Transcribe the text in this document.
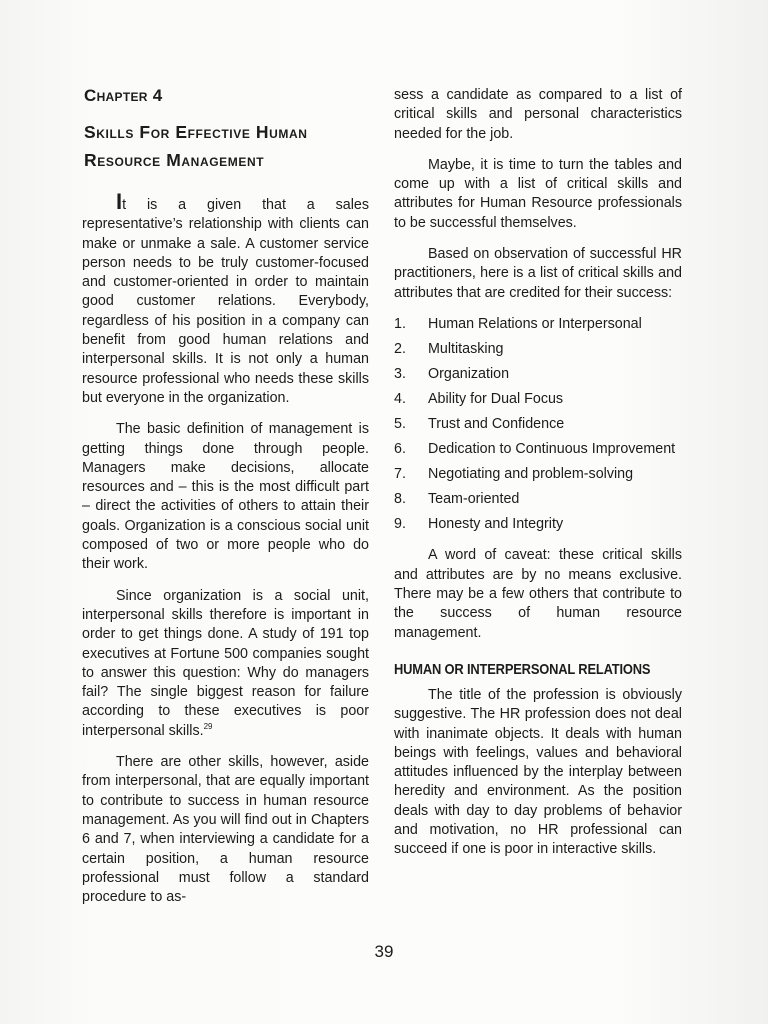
Chapter 4
Skills For Effective Human Resource Management

It is a given that a sales representative’s relationship with clients can make or unmake a sale. A customer service person needs to be truly customer-focused and customer-oriented in order to maintain good customer relations. Everybody, regardless of his position in a company can benefit from good human relations and interpersonal skills. It is not only a human resource professional who needs these skills but everyone in the organization.

The basic definition of management is getting things done through people. Managers make decisions, allocate resources and – this is the most difficult part – direct the activities of others to attain their goals. Organization is a conscious social unit composed of two or more people who do their work.

Since organization is a social unit, interpersonal skills therefore is important in order to get things done. A study of 191 top executives at Fortune 500 companies sought to answer this question: Why do managers fail? The single biggest reason for failure according to these executives is poor interpersonal skills.$^{29}$

There are other skills, however, aside from interpersonal, that are equally important to contribute to success in human resource management. As you will find out in Chapters 6 and 7, when interviewing a candidate for a certain position, a human resource professional must follow a standard procedure to as-

sess a candidate as compared to a list of critical skills and personal characteristics needed for the job.

Maybe, it is time to turn the tables and come up with a list of critical skills and attributes for Human Resource professionals to be successful themselves.

Based on observation of successful HR practitioners, here is a list of critical skills and attributes that are credited for their success:

1.	Human Relations or Interpersonal
2.	Multitasking
3.	Organization
4.	Ability for Dual Focus
5.	Trust and Confidence
6.	Dedication to Continuous Improvement
7.	Negotiating and problem-solving
8.	Team-oriented
9.	Honesty and Integrity

A word of caveat: these critical skills and attributes are by no means exclusive. There may be a few others that contribute to the success of human resource management.

HUMAN OR INTERPERSONAL RELATIONS

The title of the profession is obviously suggestive. The HR profession does not deal with inanimate objects. It deals with human beings with feelings, values and behavioral attitudes influenced by the interplay between heredity and environment. As the position deals with day to day problems of behavior and motivation, no HR professional can succeed if one is poor in interactive skills.

39
